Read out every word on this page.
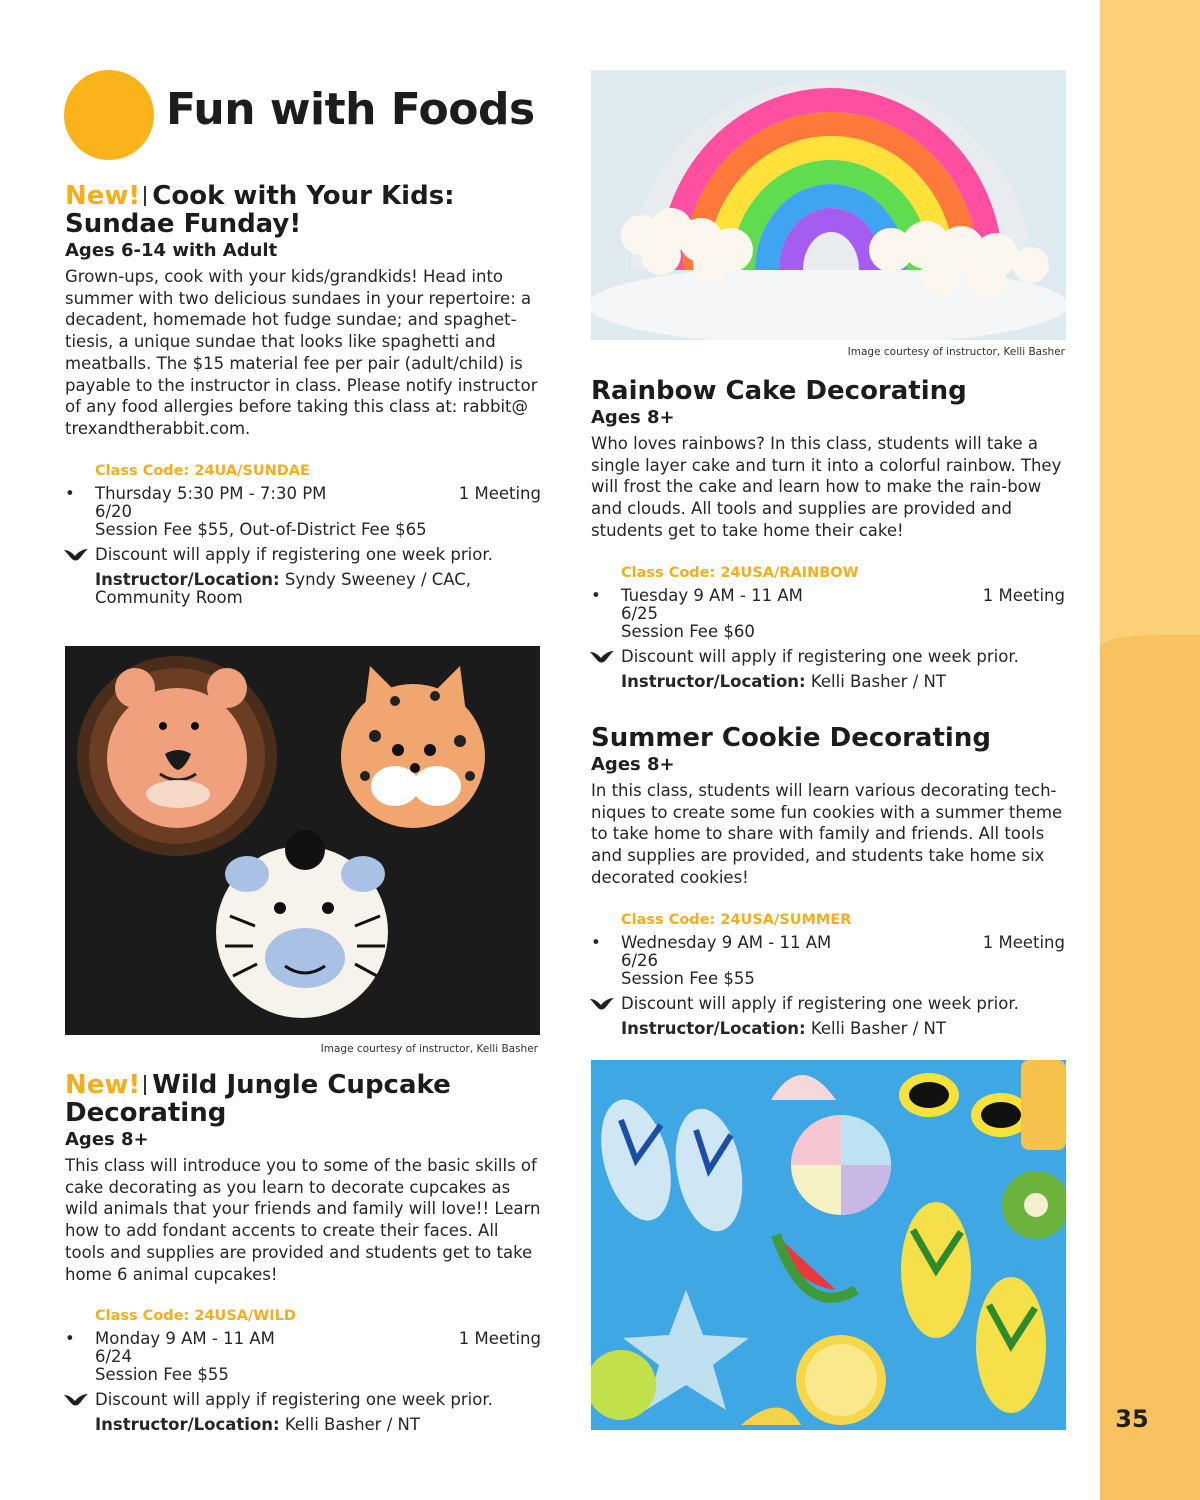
35
Fun with Foods
New! Cook with Your Kids: Sundae Funday!
Ages 6-14 with Adult

Grown-ups, cook with your kids/grandkids! Head into summer with two delicious sundaes in your repertoire: a decadent, homemade hot fudge sundae; and spaghet-tiesis, a unique sundae that looks like spaghetti and meatballs. The $15 material fee per pair (adult/child) is payable to the instructor in class. Please notify instructor of any food allergies before taking this class at: rabbit@ trexandtherabbit.com.

Class Code: 24UA/SUNDAE
• Thursday 5:30 PM - 7:30 PM	1 Meeting
6/20
Session Fee $55, Out-of-District Fee $65
Discount will apply if registering one week prior.
Instructor/Location: Syndy Sweeney / CAC, Community Room
Image courtesy of instructor, Kelli Basher
New! Wild Jungle Cupcake Decorating
Ages 8+

This class will introduce you to some of the basic skills of cake decorating as you learn to decorate cupcakes as wild animals that your friends and family will love!! Learn how to add fondant accents to create their faces. All tools and supplies are provided and students get to take home 6 animal cupcakes!

Class Code: 24USA/WILD
• Monday 9 AM - 11 AM	1 Meeting
6/24
Session Fee $55
Discount will apply if registering one week prior.
Instructor/Location: Kelli Basher / NT
Image courtesy of instructor, Kelli Basher
Rainbow Cake Decorating
Ages 8+

Who loves rainbows? In this class, students will take a single layer cake and turn it into a colorful rainbow. They will frost the cake and learn how to make the rain-bow and clouds. All tools and supplies are provided and students get to take home their cake!

Class Code: 24USA/RAINBOW
• Tuesday 9 AM - 11 AM	1 Meeting
6/25
Session Fee $60
Discount will apply if registering one week prior.
Instructor/Location: Kelli Basher / NT
Summer Cookie Decorating
Ages 8+

In this class, students will learn various decorating tech-niques to create some fun cookies with a summer theme to take home to share with family and friends. All tools and supplies are provided, and students take home six decorated cookies!

Class Code: 24USA/SUMMER
• Wednesday 9 AM - 11 AM	1 Meeting
6/26
Session Fee $55
Discount will apply if registering one week prior.
Instructor/Location: Kelli Basher / NT
